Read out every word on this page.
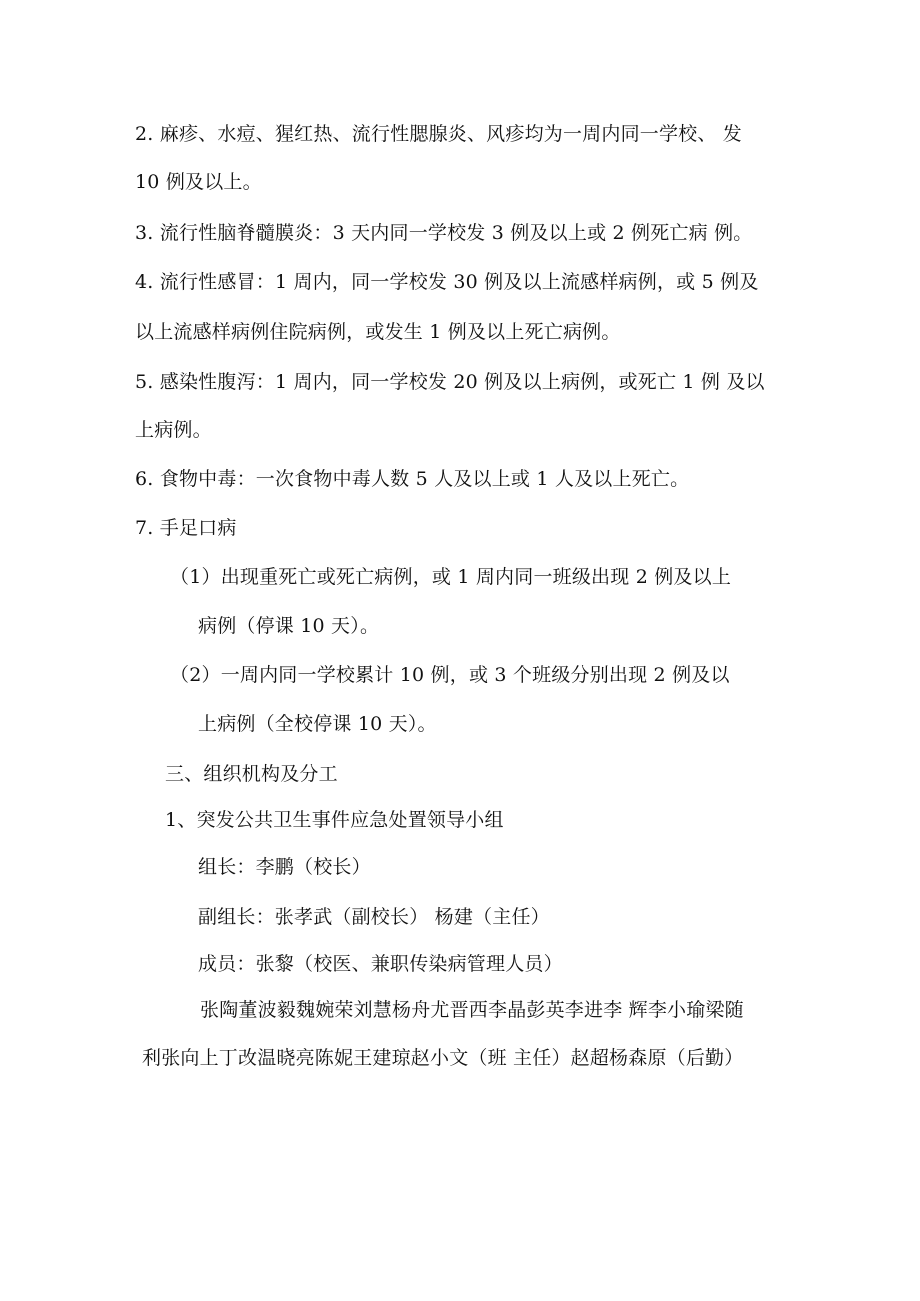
2. 麻疹、水痘、猩红热、流行性腮腺炎、风疹均为一周内同一学校、 发
10 例及以上。
3. 流行性脑脊髓膜炎：3 天内同一学校发 3 例及以上或 2 例死亡病 例。
4. 流行性感冒：1 周内，同一学校发 30 例及以上流感样病例，或 5 例及
以上流感样病例住院病例，或发生 1 例及以上死亡病例。
5. 感染性腹泻：1 周内，同一学校发 20 例及以上病例，或死亡 1 例 及以
上病例。
6. 食物中毒：一次食物中毒人数 5 人及以上或 1 人及以上死亡。
7. 手足口病
（1）出现重死亡或死亡病例，或 1 周内同一班级出现 2 例及以上
病例（停课 10 天）。
（2）一周内同一学校累计 10 例，或 3 个班级分别出现 2 例及以
上病例（全校停课 10 天）。
三、组织机构及分工
1、突发公共卫生事件应急处置领导小组
组长：李鹏（校长）
副组长：张孝武（副校长） 杨建（主任）
成员：张黎（校医、兼职传染病管理人员）
张陶董波毅魏婉荣刘慧杨舟尤晋西李晶彭英李进李 辉李小瑜梁随
利张向上丁改温晓亮陈妮王建琼赵小文（班 主任）赵超杨森原（后勤）
